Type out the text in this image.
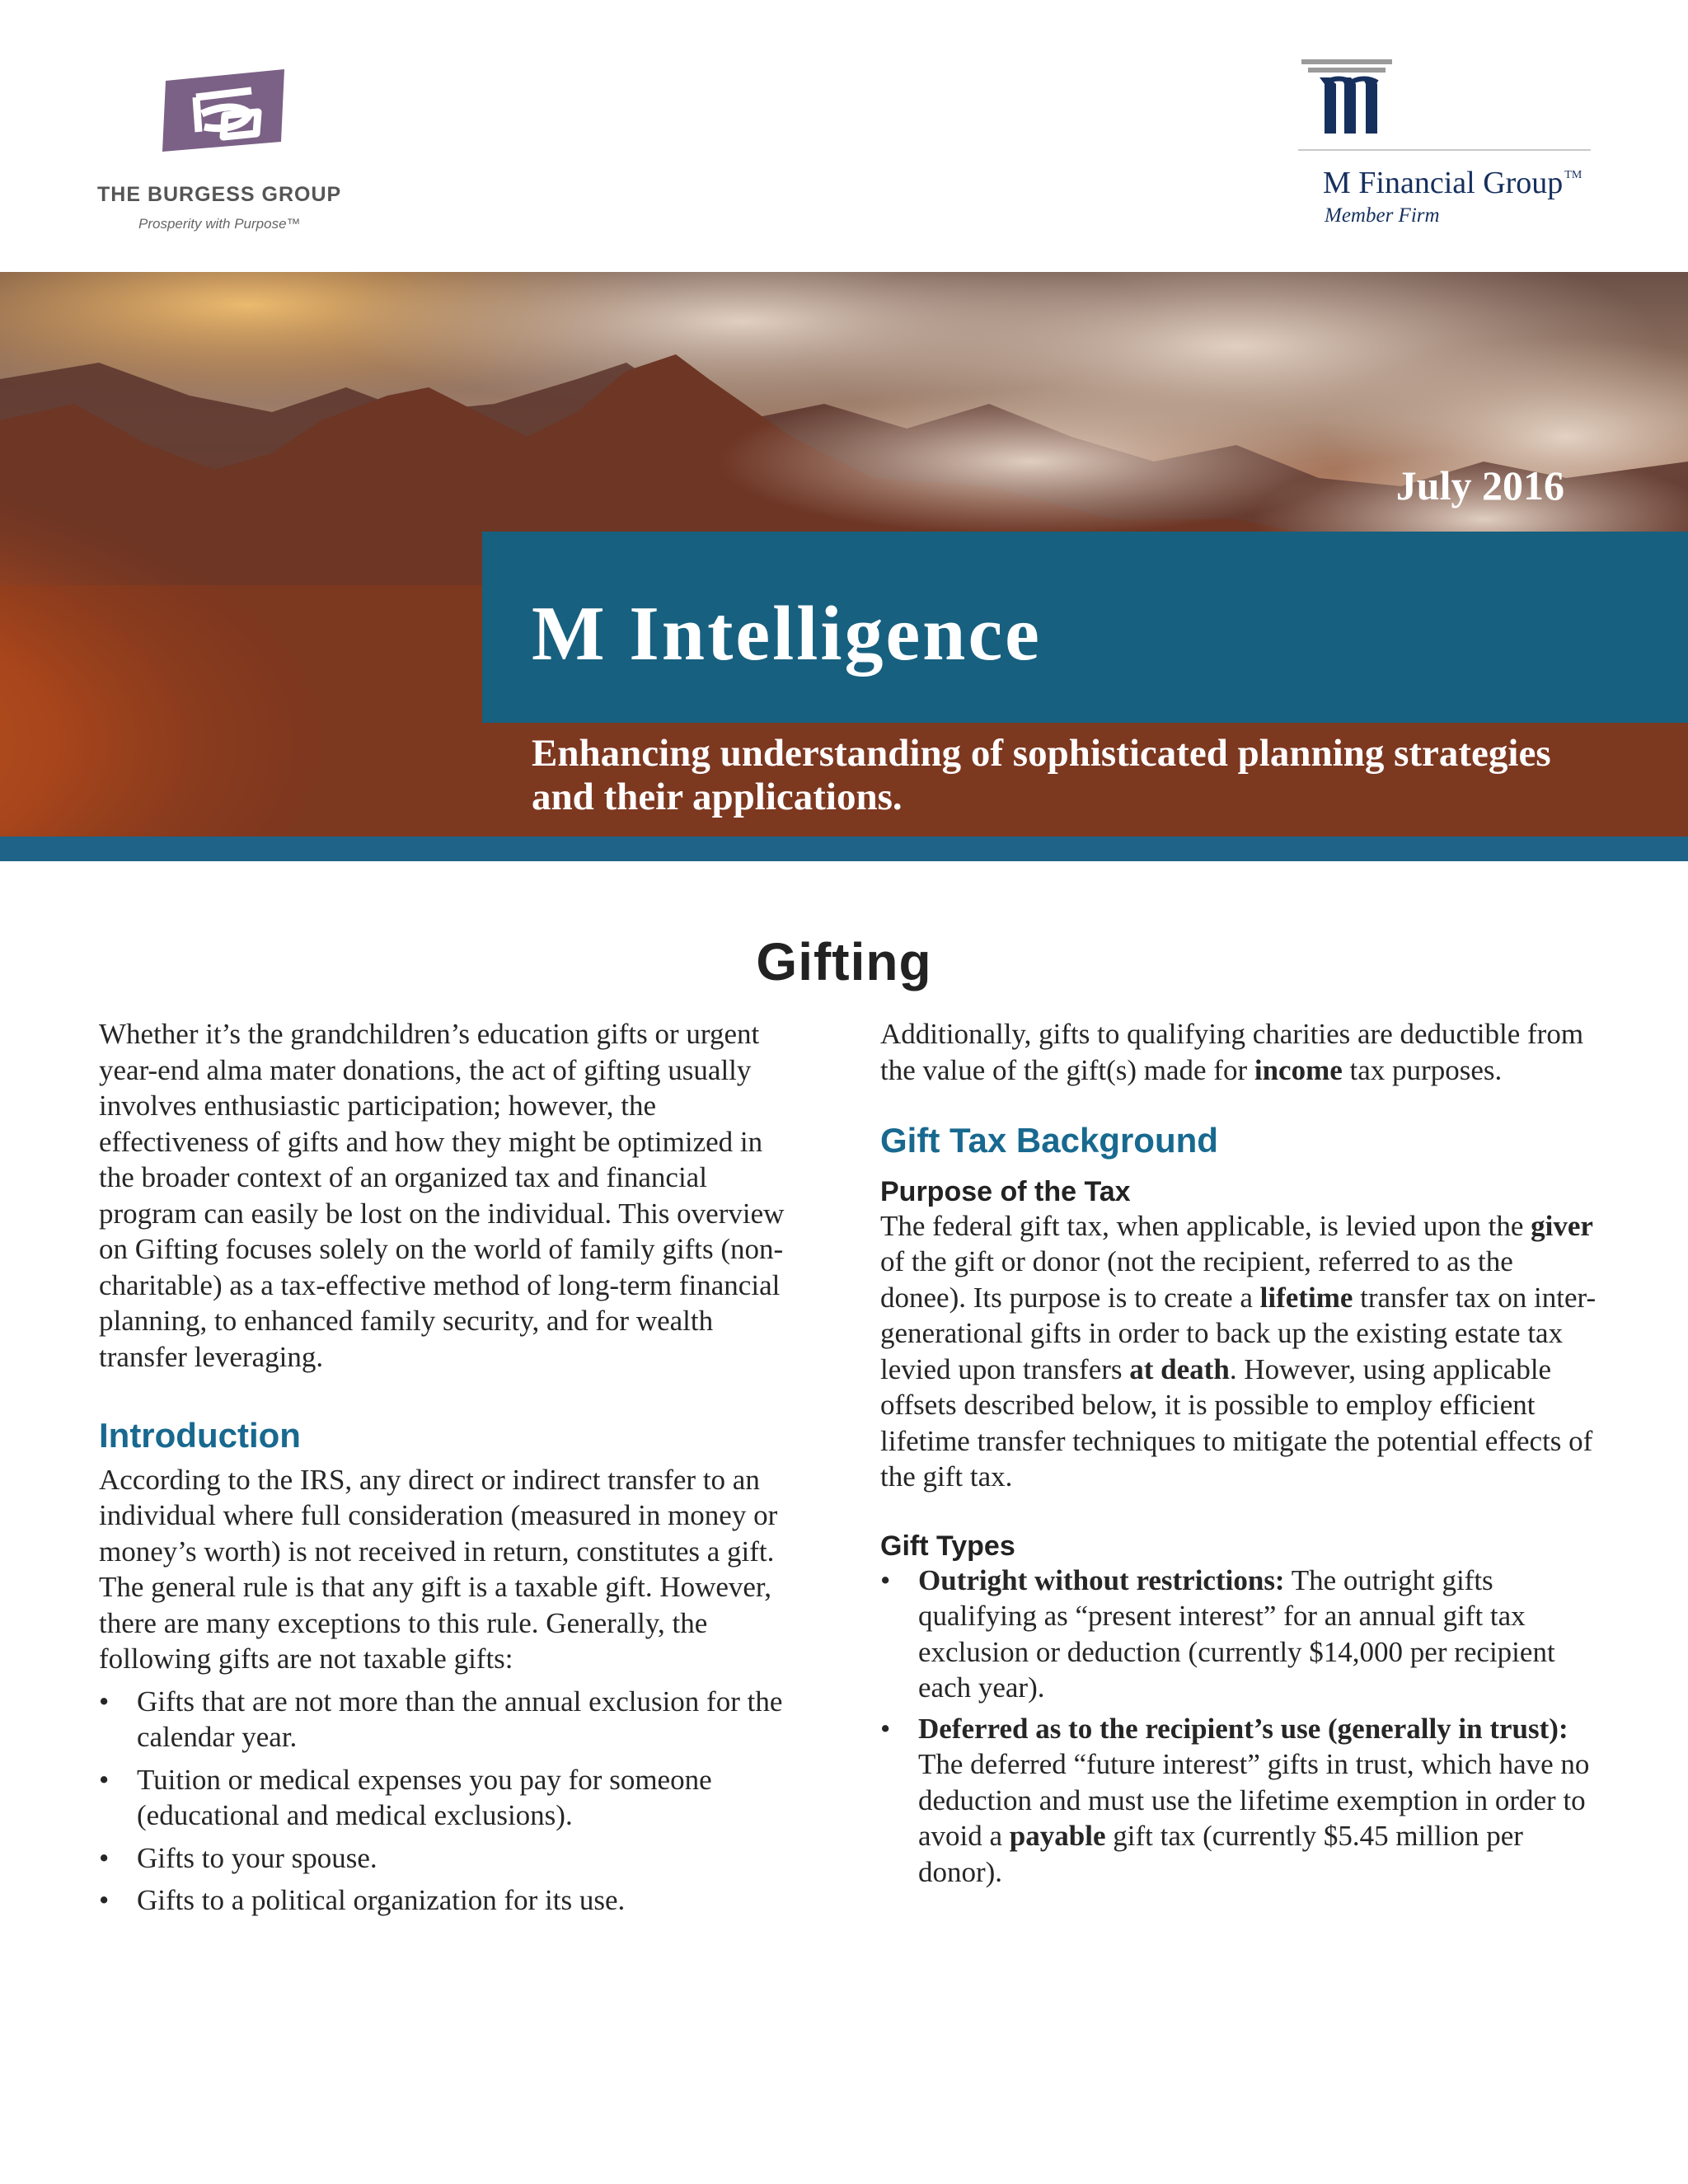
THE BURGESS GROUP
Prosperity with Purpose™
M Financial Group ™
Member Firm
July 2016
M Intelligence
Enhancing understanding of sophisticated planning strategies and their applications.
Gifting

Whether it’s the grandchildren’s education gifts or urgent year-end alma mater donations, the act of gifting usually involves enthusiastic participation; however, the effectiveness of gifts and how they might be optimized in the broader context of an organized tax and financial program can easily be lost on the individual. This overview on Gifting focuses solely on the world of family gifts (non-charitable) as a tax-effective method of long-term financial planning, to enhanced family security, and for wealth transfer leveraging.

Introduction

According to the IRS, any direct or indirect transfer to an individual where full consideration (measured in money or money’s worth) is not received in return, constitutes a gift. The general rule is that any gift is a taxable gift. However, there are many exceptions to this rule. Generally, the following gifts are not taxable gifts:

• Gifts that are not more than the annual exclusion for the calendar year.
• Tuition or medical expenses you pay for someone (educational and medical exclusions).
• Gifts to your spouse.
• Gifts to a political organization for its use.

Additionally, gifts to qualifying charities are deductible from the value of the gift(s) made for income tax purposes.

Gift Tax Background
Purpose of the Tax

The federal gift tax, when applicable, is levied upon the giver of the gift or donor (not the recipient, referred to as the donee). Its purpose is to create a lifetime transfer tax on inter-generational gifts in order to back up the existing estate tax levied upon transfers at death. However, using applicable offsets described below, it is possible to employ efficient lifetime transfer techniques to mitigate the potential effects of the gift tax.

Gift Types
• Outright without restrictions: The outright gifts qualifying as “present interest” for an annual gift tax exclusion or deduction (currently $14,000 per recipient each year).
• Deferred as to the recipient’s use (generally in trust): The deferred “future interest” gifts in trust, which have no deduction and must use the lifetime exemption in order to avoid a payable gift tax (currently $5.45 million per donor).
